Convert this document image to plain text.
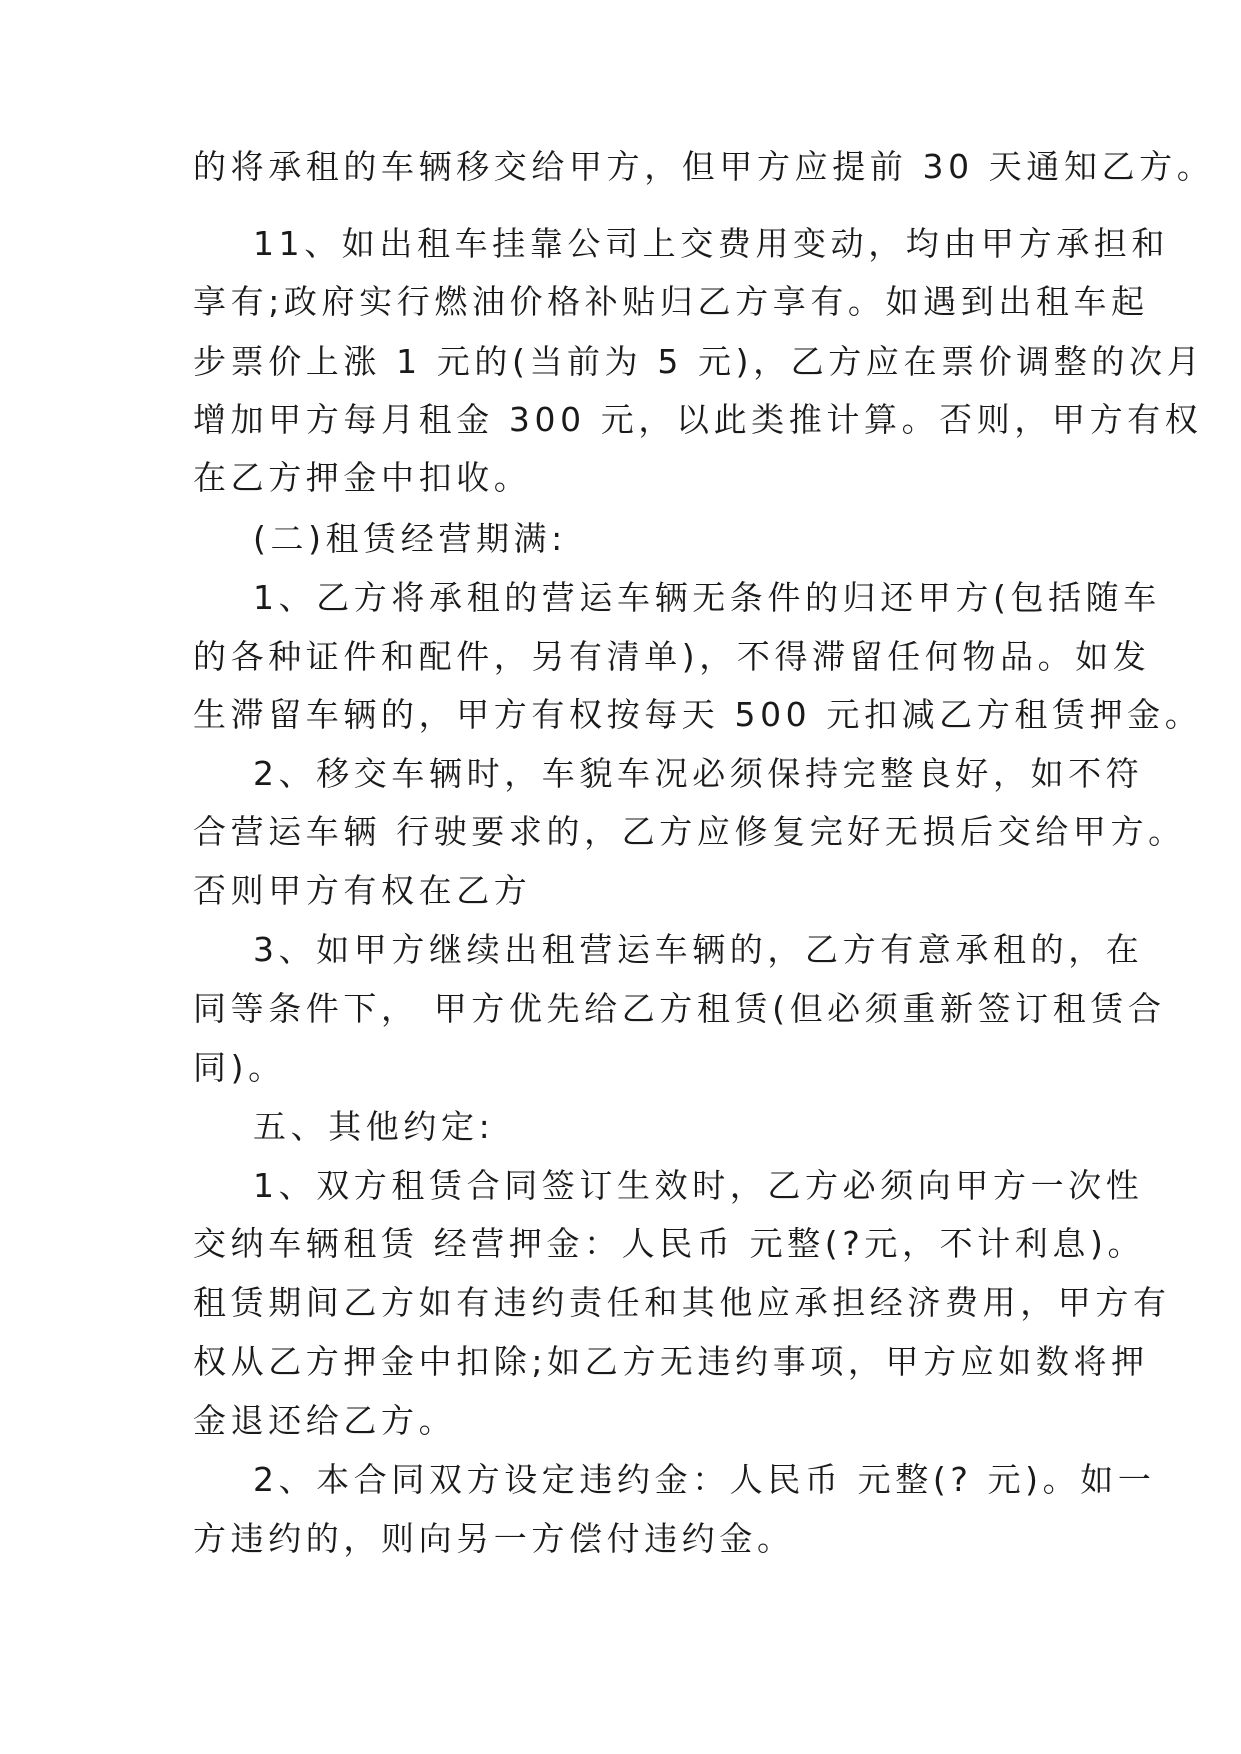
的将承租的车辆移交给甲方，但甲方应提前 30 天通知乙方。
11、如出租车挂靠公司上交费用变动，均由甲方承担和
享有;政府实行燃油价格补贴归乙方享有。如遇到出租车起
步票价上涨 1 元的(当前为 5 元)，乙方应在票价调整的次月
增加甲方每月租金 300 元，以此类推计算。否则，甲方有权
在乙方押金中扣收。
(二)租赁经营期满:
1、乙方将承租的营运车辆无条件的归还甲方(包括随车
的各种证件和配件，另有清单)，不得滞留任何物品。如发
生滞留车辆的，甲方有权按每天 500 元扣减乙方租赁押金。
2、移交车辆时，车貌车况必须保持完整良好，如不符
合营运车辆 行驶要求的，乙方应修复完好无损后交给甲方。
否则甲方有权在乙方
3、如甲方继续出租营运车辆的，乙方有意承租的，在
同等条件下， 甲方优先给乙方租赁(但必须重新签订租赁合
同)。
五、其他约定:
1、双方租赁合同签订生效时，乙方必须向甲方一次性
交纳车辆租赁 经营押金：人民币 元整(?元，不计利息)。
租赁期间乙方如有违约责任和其他应承担经济费用，甲方有
权从乙方押金中扣除;如乙方无违约事项，甲方应如数将押
金退还给乙方。
2、本合同双方设定违约金：人民币 元整(? 元)。如一
方违约的，则向另一方偿付违约金。
